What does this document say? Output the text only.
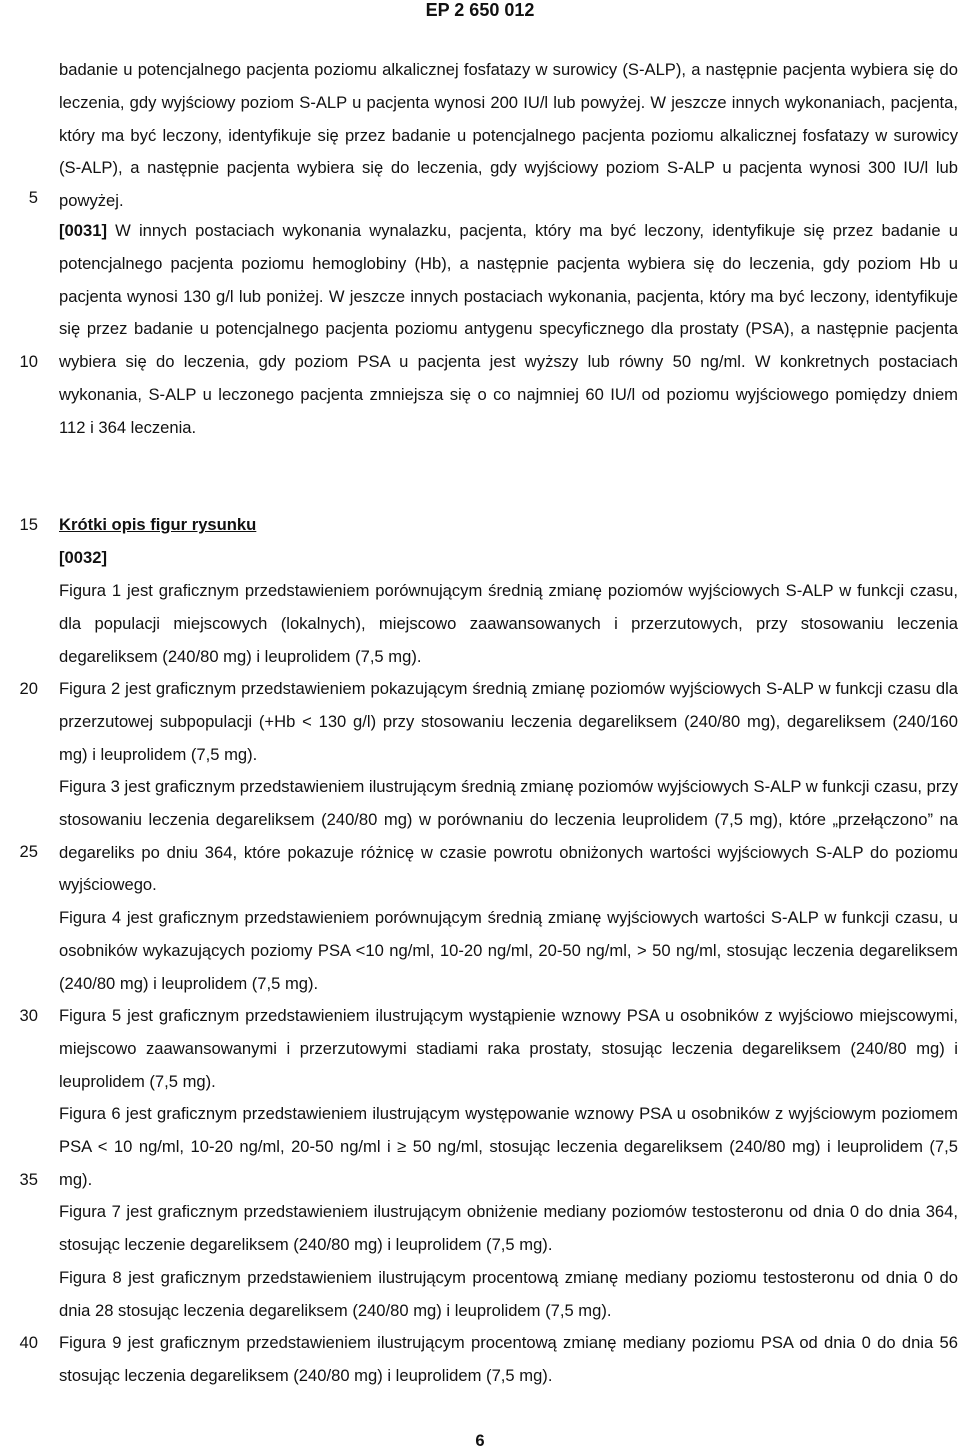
EP 2 650 012
5
10
15
20
25
30
35
40

badanie u potencjalnego pacjenta poziomu alkalicznej fosfatazy w surowicy (S-ALP), a następnie pacjenta wybiera się do leczenia, gdy wyjściowy poziom S-ALP u pacjenta wynosi 200 IU/l lub powyżej. W jeszcze innych wykonaniach, pacjenta, który ma być leczony, identyfikuje się przez badanie u potencjalnego pacjenta poziomu alkalicznej fosfatazy w surowicy (S-ALP), a następnie pacjenta wybiera się do leczenia, gdy wyjściowy poziom S-ALP u pacjenta wynosi 300 IU/l lub powyżej.

[0031] W innych postaciach wykonania wynalazku, pacjenta, który ma być leczony, identyfikuje się przez badanie u potencjalnego pacjenta poziomu hemoglobiny (Hb), a następnie pacjenta wybiera się do leczenia, gdy poziom Hb u pacjenta wynosi 130 g/l lub poniżej. W jeszcze innych postaciach wykonania, pacjenta, który ma być leczony, identyfikuje się przez badanie u potencjalnego pacjenta poziomu antygenu specyficznego dla prostaty (PSA), a następnie pacjenta wybiera się do leczenia, gdy poziom PSA u pacjenta jest wyższy lub równy 50 ng/ml. W konkretnych postaciach wykonania, S-ALP u leczonego pacjenta zmniejsza się o co najmniej 60 IU/l od poziomu wyjściowego pomiędzy dniem 112 i 364 leczenia.

Krótki opis figur rysunku

[0032]

Figura 1 jest graficznym przedstawieniem porównującym średnią zmianę poziomów wyjściowych S-ALP w funkcji czasu, dla populacji miejscowych (lokalnych), miejscowo zaawansowanych i przerzutowych, przy stosowaniu leczenia degareliksem (240/80 mg) i leuprolidem (7,5 mg).

Figura 2 jest graficznym przedstawieniem pokazującym średnią zmianę poziomów wyjściowych S-ALP w funkcji czasu dla przerzutowej subpopulacji (+Hb < 130 g/l) przy stosowaniu leczenia degareliksem (240/80 mg), degareliksem (240/160 mg) i leuprolidem (7,5 mg).

Figura 3 jest graficznym przedstawieniem ilustrującym średnią zmianę poziomów wyjściowych S-ALP w funkcji czasu, przy stosowaniu leczenia degareliksem (240/80 mg) w porównaniu do leczenia leuprolidem (7,5 mg), które „przełączono” na degareliks po dniu 364, które pokazuje różnicę w czasie powrotu obniżonych wartości wyjściowych S-ALP do poziomu wyjściowego.

Figura 4 jest graficznym przedstawieniem porównującym średnią zmianę wyjściowych wartości S-ALP w funkcji czasu, u osobników wykazujących poziomy PSA <10 ng/ml, 10-20 ng/ml, 20-50 ng/ml, > 50 ng/ml, stosując leczenia degareliksem (240/80 mg) i leuprolidem (7,5 mg).

Figura 5 jest graficznym przedstawieniem ilustrującym wystąpienie wznowy PSA u osobników z wyjściowo miejscowymi, miejscowo zaawansowanymi i przerzutowymi stadiami raka prostaty, stosując leczenia degareliksem (240/80 mg) i leuprolidem (7,5 mg).

Figura 6 jest graficznym przedstawieniem ilustrującym występowanie wznowy PSA u osobników z wyjściowym poziomem PSA < 10 ng/ml, 10-20 ng/ml, 20-50 ng/ml i ≥ 50 ng/ml, stosując leczenia degareliksem (240/80 mg) i leuprolidem (7,5 mg).

Figura 7 jest graficznym przedstawieniem ilustrującym obniżenie mediany poziomów testosteronu od dnia 0 do dnia 364, stosując leczenie degareliksem (240/80 mg) i leuprolidem (7,5 mg).

Figura 8 jest graficznym przedstawieniem ilustrującym procentową zmianę mediany poziomu testosteronu od dnia 0 do dnia 28 stosując leczenia degareliksem (240/80 mg) i leuprolidem (7,5 mg).

Figura 9 jest graficznym przedstawieniem ilustrującym procentową zmianę mediany poziomu PSA od dnia 0 do dnia 56 stosując leczenia degareliksem (240/80 mg) i leuprolidem (7,5 mg).

6
